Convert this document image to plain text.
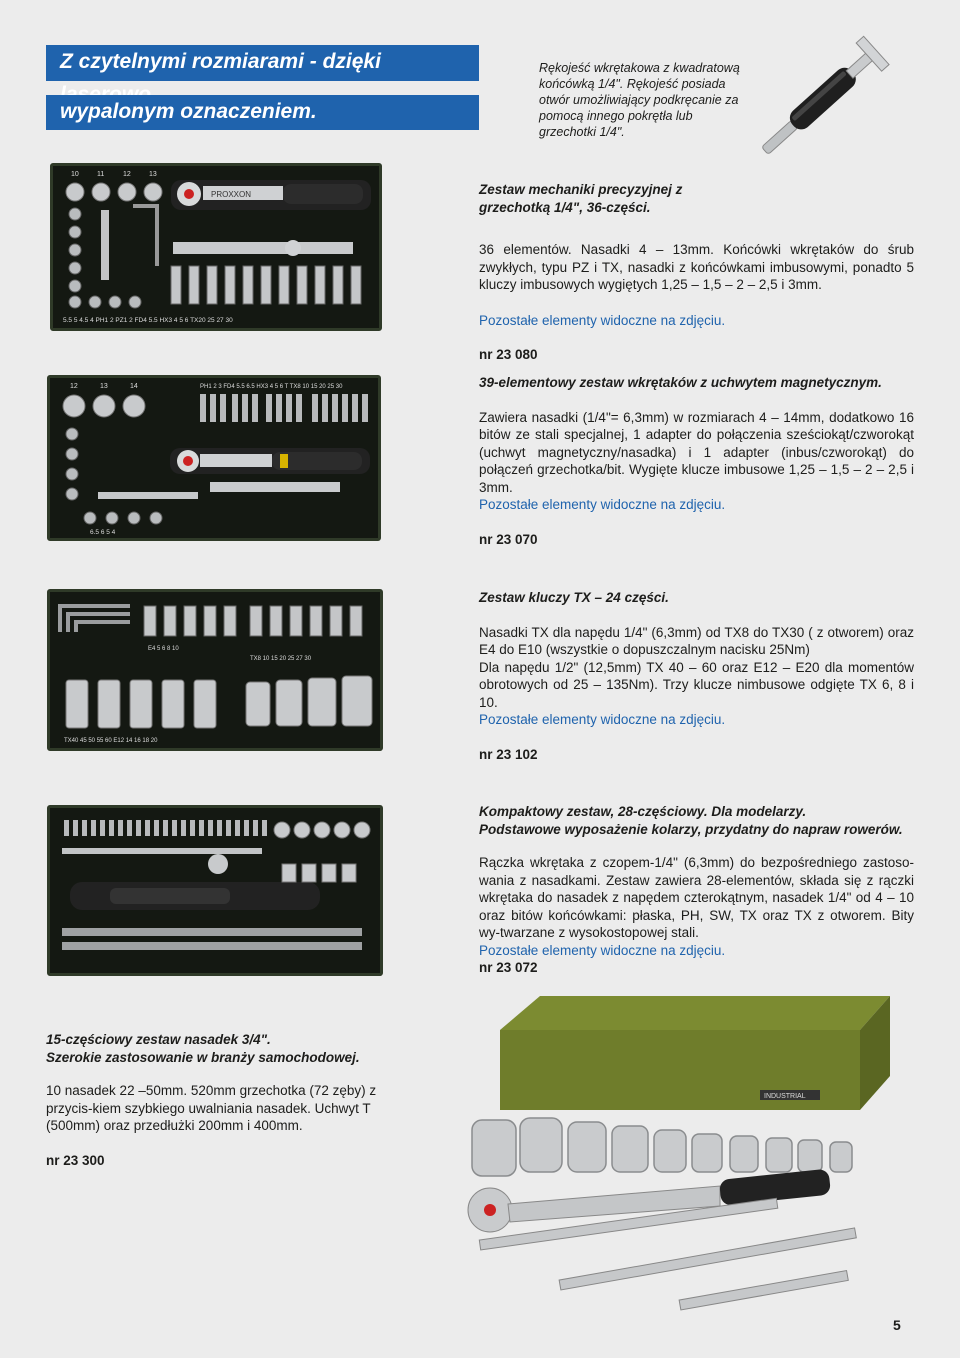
Z czytelnymi rozmiarami - dzięki
wypalonym oznaczeniem.
Rękojeść wkrętakowa z kwadratową końcówką 1/4". Rękojeść posiada otwór umożliwiający podkręcanie za pomocą innego pokrętła lub grzechotki 1/4".
10	11	12	13
PROXXON
5.5 5 4.5 4 PH1 2 PZ1 2 FD4 5.5 HX3 4 5 6 TX20 25 27 30

Zestaw mechaniki precyzyjnej z grzechotką 1/4", 36-części.

36 elementów. Nasadki 4 – 13mm. Końcówki wkrętaków do śrub zwykłych, typu PZ i TX, nasadki z końcówkami imbusowymi, ponadto 5 kluczy imbusowych wygiętych 1,25 – 1,5 – 2 – 2,5 i 3mm.

Pozostałe elementy widoczne na zdjęciu.

nr 23 080

12	13	14	PH1 2 3 FD4 5.5 6.5 HX3 4 5 6 T TX8 10 15 20 25 30
6.5 6 5 4

39-elementowy zestaw wkrętaków z uchwytem magnetycznym.

Zawiera nasadki (1/4"= 6,3mm) w rozmiarach 4 – 14mm, dodatkowo 16 bitów ze stali specjalnej, 1 adapter do połączenia sześciokąt/czworokąt (uchwyt magnetyczny/nasadka) i 1 adapter (inbus/czworokąt) do połączeń grzechotka/bit. Wygięte klucze imbusowe 1,25 – 1,5 – 2 – 2,5 i 3mm.

Pozostałe elementy widoczne na zdjęciu.

nr 23 070

E4 5 6 8 10
TX8 10 15 20 25 27 30
TX40 45 50 55 60 E12 14 16 18 20

Zestaw kluczy TX – 24 części.

Nasadki TX dla napędu 1/4" (6,3mm) od TX8 do TX30 ( z otworem) oraz E4 do E10 (wszystkie o dopuszczalnym nacisku 25Nm)

Dla napędu 1/2" (12,5mm) TX 40 – 60 oraz E12 – E20 dla momentów obrotowych od 25 – 135Nm). Trzy klucze nimbusowe odgięte TX 6, 8 i 10.

Pozostałe elementy widoczne na zdjęciu.

nr 23 102

Kompaktowy zestaw, 28-częściowy. Dla modelarzy.

Podstawowe wyposażenie kolarzy, przydatny do napraw rowerów.

Rączka wkrętaka z czopem-1/4" (6,3mm) do bezpośredniego zastoso-wania z nasadkami. Zestaw zawiera 28-elementów, składa się z rączki wkrętaka do nasadek z napędem czterokątnym, nasadek 1/4" od 4 – 10 oraz bitów końcówkami: płaska, PH, SW, TX oraz TX z otworem. Bity wy-twarzane z wysokostopowej stali.

Pozostałe elementy widoczne na zdjęciu.

nr 23 072

15-częściowy zestaw nasadek 3/4".

Szerokie zastosowanie w branży samochodowej.

10 nasadek 22 –50mm. 520mm grzechotka (72 zęby) z przycis-kiem szybkiego uwalniania nasadek. Uchwyt T (500mm) oraz przedłużki 200mm i 400mm.

nr 23 300

INDUSTRIAL
5
